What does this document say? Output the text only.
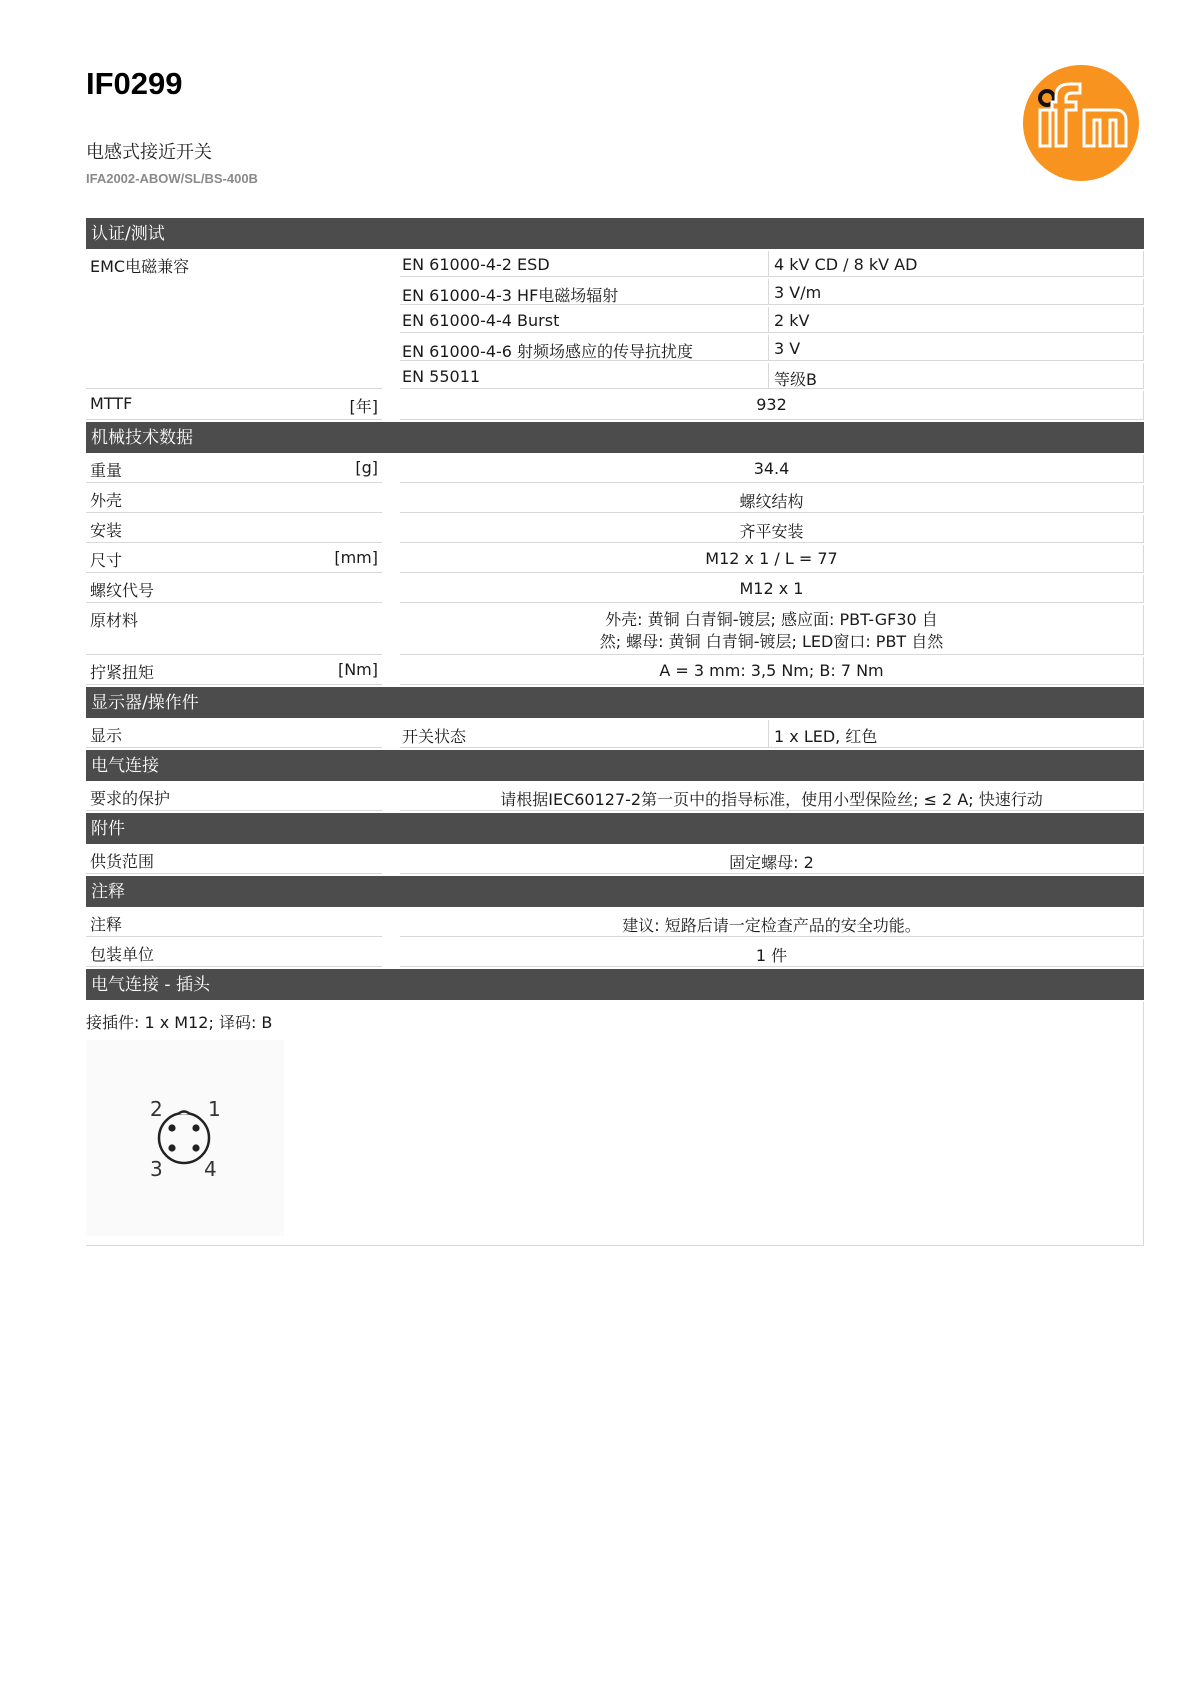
IF0299
电感式接近开关
IFA2002-ABOW/SL/BS-400B	ifm
认证/测试
EMC电磁兼容	EN 61000-4-2 ESD	4 kV CD / 8 kV AD
EN 61000-4-3 HF电磁场辐射	3 V/m
EN 61000-4-4 Burst	2 kV
EN 61000-4-6 射频场感应的传导抗扰度	3 V
EN 55011	等级B
MTTF	[年]	932
机械技术数据
重量	[g]	34.4
外壳	螺纹结构
安装	齐平安装
尺寸	[mm]	M12 x 1 / L = 77
螺纹代号	M12 x 1
原材料	外壳: 黄铜 白青铜-镀层; 感应面: PBT-GF30 自
然; 螺母: 黄铜 白青铜-镀层; LED窗口: PBT 自然
拧紧扭矩	[Nm]	A = 3 mm: 3,5 Nm; B: 7 Nm
显示器/操作件
显示	开关状态	1 x LED, 红色
电气连接
要求的保护	请根据IEC60127-2第一页中的指导标准，使用小型保险丝; ≤ 2 A; 快速行动
附件
供货范围	固定螺母: 2
注释
注释	建议: 短路后请一定检查产品的安全功能。
包装单位	1 件
电气连接 - 插头
接插件: 1 x M12; 译码: B
1
2
3 4
